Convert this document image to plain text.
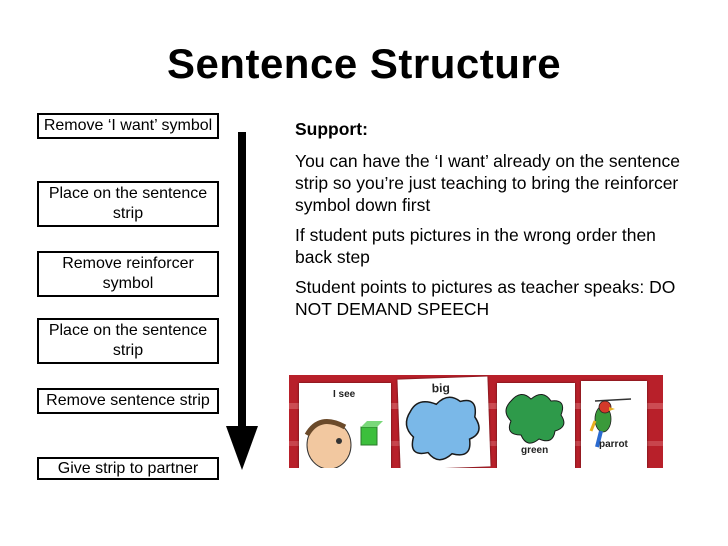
Sentence Structure
Remove ‘I want’ symbol
Place on the sentence strip
Remove reinforcer symbol
Place on the sentence strip
Remove sentence strip
Give strip to partner
Support:

You can have the ‘I want’ already on the sentence strip so you’re just teaching to bring the reinforcer symbol down first

If student puts pictures in the wrong order then back step

Student points to pictures as teacher speaks: DO NOT DEMAND SPEECH

I see	big
green
parrot
